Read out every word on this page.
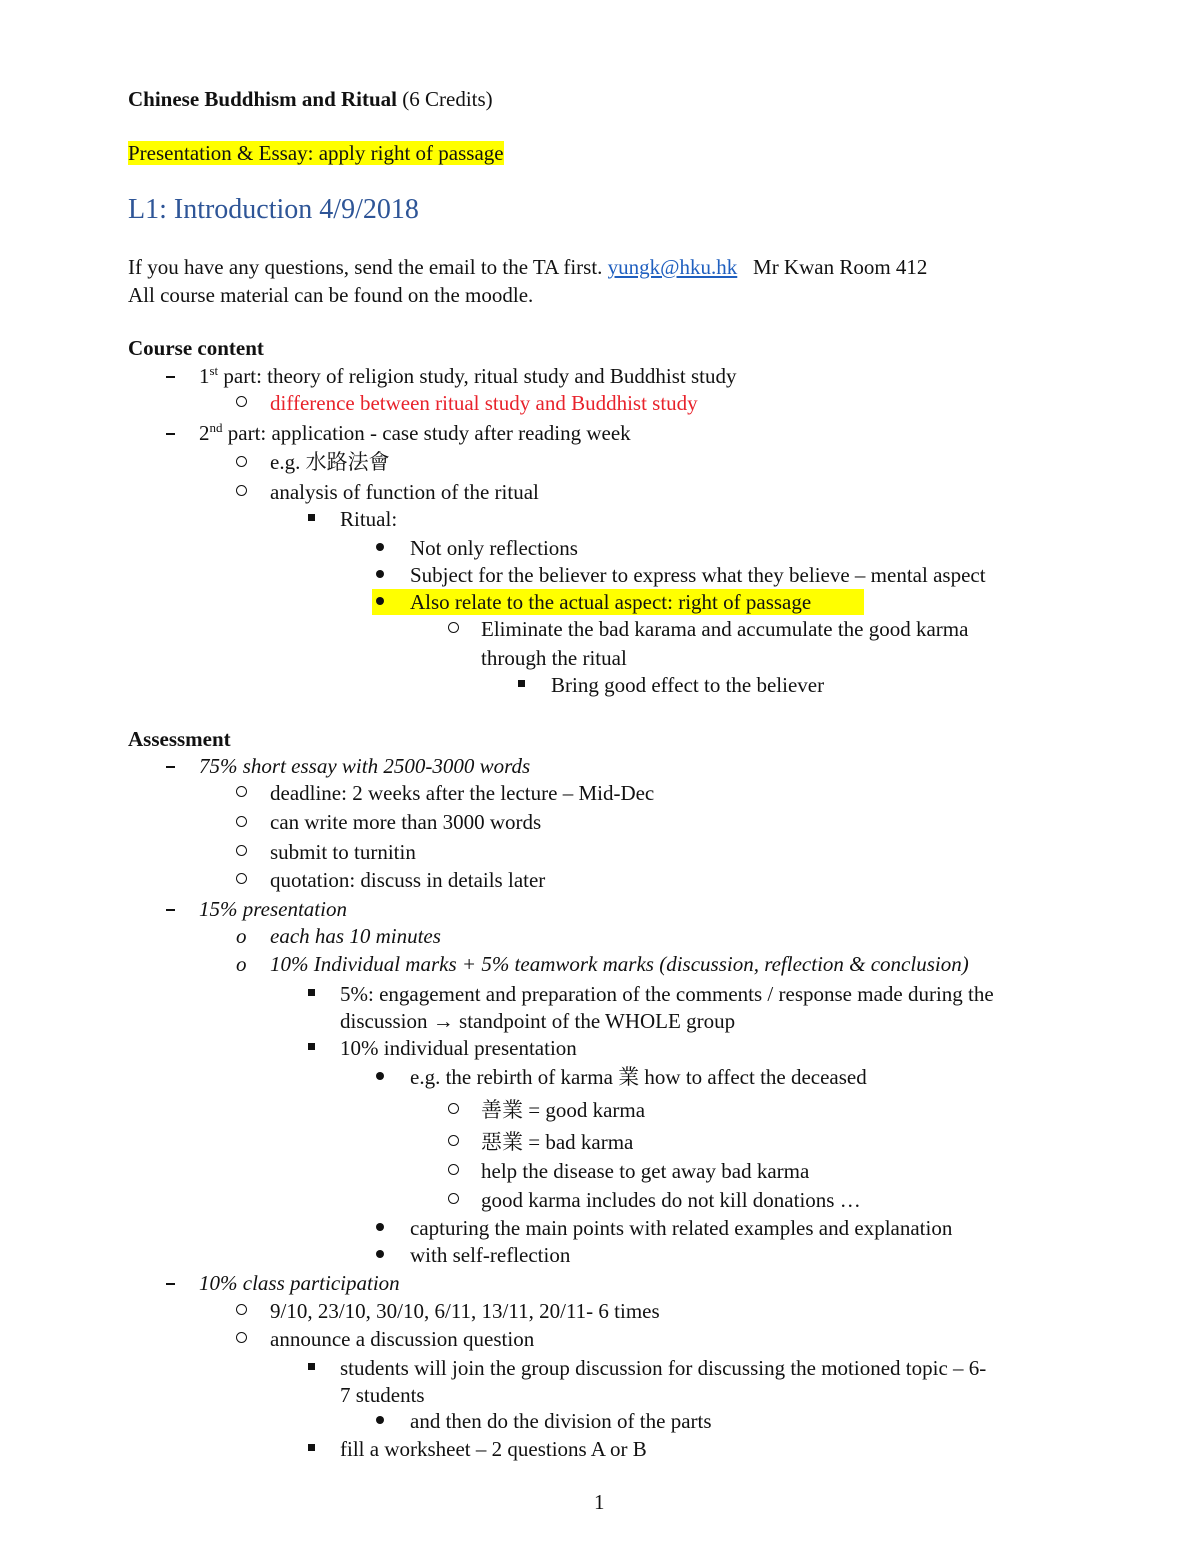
Chinese Buddhism and Ritual (6 Credits)
Presentation & Essay: apply right of passage
L1: Introduction 4/9/2018
If you have any questions, send the email to the TA first. yungk@hku.hk   Mr Kwan Room 412
All course material can be found on the moodle.
Course content
1st part: theory of religion study, ritual study and Buddhist study
difference between ritual study and Buddhist study
2nd part: application - case study after reading week
e.g. 水路法會
analysis of function of the ritual
Ritual:
Not only reflections
Subject for the believer to express what they believe – mental aspect
Also relate to the actual aspect: right of passage
Eliminate the bad karama and accumulate the good karma
through the ritual
Bring good effect to the believer
Assessment
75% short essay with 2500-3000 words
deadline: 2 weeks after the lecture – Mid-Dec
can write more than 3000 words
submit to turnitin
quotation: discuss in details later
15% presentation
o each has 10 minutes
o 10% Individual marks + 5% teamwork marks (discussion, reflection & conclusion)
5%: engagement and preparation of the comments / response made during the
discussion → standpoint of the WHOLE group
10% individual presentation
e.g. the rebirth of karma 業 how to affect the deceased
善業 = good karma
惡業 = bad karma
help the disease to get away bad karma
good karma includes do not kill donations …
capturing the main points with related examples and explanation
with self-reflection
10% class participation
9/10, 23/10, 30/10, 6/11, 13/11, 20/11- 6 times
announce a discussion question
students will join the group discussion for discussing the motioned topic – 6-
7 students
and then do the division of the parts
fill a worksheet – 2 questions A or B
1
